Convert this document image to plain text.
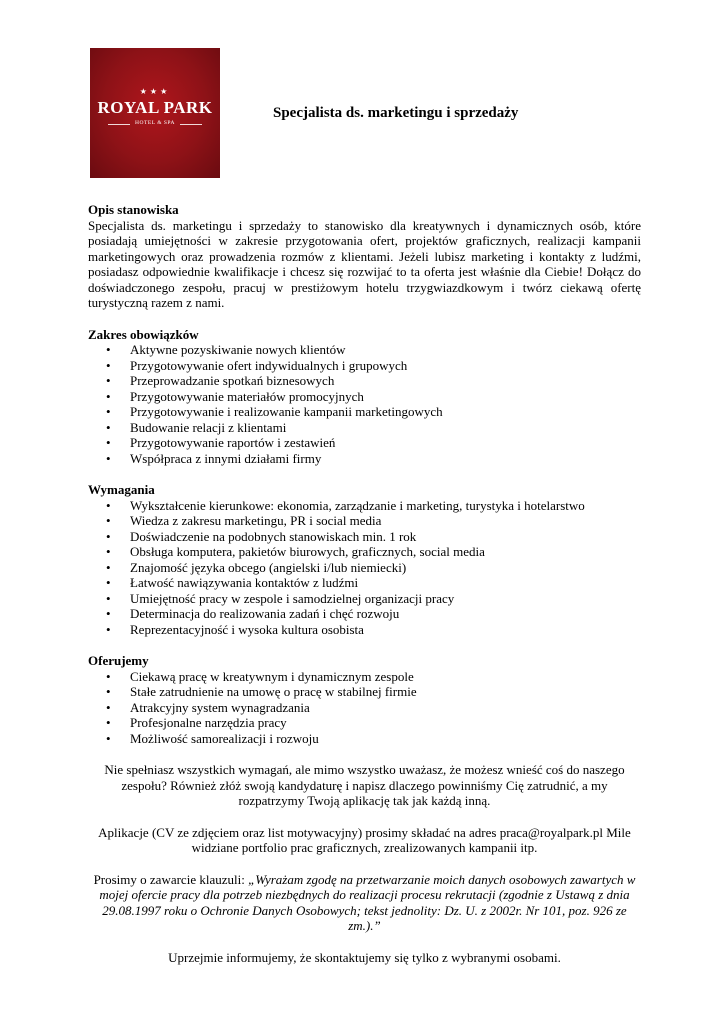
★★★
ROYAL PARK
HOTEL & SPA
Specjalista ds. marketingu i sprzedaży
Opis stanowiska

Specjalista ds. marketingu i sprzedaży to stanowisko dla kreatywnych i dynamicznych osób, które posiadają umiejętności w zakresie przygotowania ofert, projektów graficznych, realizacji kampanii marketingowych oraz prowadzenia rozmów z klientami. Jeżeli lubisz marketing i kontakty z ludźmi, posiadasz odpowiednie kwalifikacje i chcesz się rozwijać to ta oferta jest właśnie dla Ciebie! Dołącz do doświadczonego zespołu, pracuj w prestiżowym hotelu trzygwiazdkowym i twórz ciekawą ofertę turystyczną razem z nami.

Zakres obowiązków
• Aktywne pozyskiwanie nowych klientów
• Przygotowywanie ofert indywidualnych i grupowych
• Przeprowadzanie spotkań biznesowych
• Przygotowywanie materiałów promocyjnych
• Przygotowywanie i realizowanie kampanii marketingowych
• Budowanie relacji z klientami
• Przygotowywanie raportów i zestawień
• Współpraca z innymi działami firmy
Wymagania
• Wykształcenie kierunkowe: ekonomia, zarządzanie i marketing, turystyka i hotelarstwo
• Wiedza z zakresu marketingu, PR i social media
• Doświadczenie na podobnych stanowiskach min. 1 rok
• Obsługa komputera, pakietów biurowych, graficznych, social media
• Znajomość języka obcego (angielski i/lub niemiecki)
• Łatwość nawiązywania kontaktów z ludźmi
• Umiejętność pracy w zespole i samodzielnej organizacji pracy
• Determinacja do realizowania zadań i chęć rozwoju
• Reprezentacyjność i wysoka kultura osobista
Oferujemy
• Ciekawą pracę w kreatywnym i dynamicznym zespole
• Stałe zatrudnienie na umowę o pracę w stabilnej firmie
• Atrakcyjny system wynagradzania
• Profesjonalne narzędzia pracy
• Możliwość samorealizacji i rozwoju

Nie spełniasz wszystkich wymagań, ale mimo wszystko uważasz, że możesz wnieść coś do naszego zespołu? Również złóż swoją kandydaturę i napisz dlaczego powinniśmy Cię zatrudnić, a my rozpatrzymy Twoją aplikację tak jak każdą inną.

Aplikacje (CV ze zdjęciem oraz list motywacyjny) prosimy składać na adres praca@royalpark.pl Mile widziane portfolio prac graficznych, zrealizowanych kampanii itp.

Prosimy o zawarcie klauzuli: „Wyrażam zgodę na przetwarzanie moich danych osobowych zawartych w mojej ofercie pracy dla potrzeb niezbędnych do realizacji procesu rekrutacji (zgodnie z Ustawą z dnia 29.08.1997 roku o Ochronie Danych Osobowych; tekst jednolity: Dz. U. z 2002r. Nr 101, poz. 926 ze zm.).”

Uprzejmie informujemy, że skontaktujemy się tylko z wybranymi osobami.
